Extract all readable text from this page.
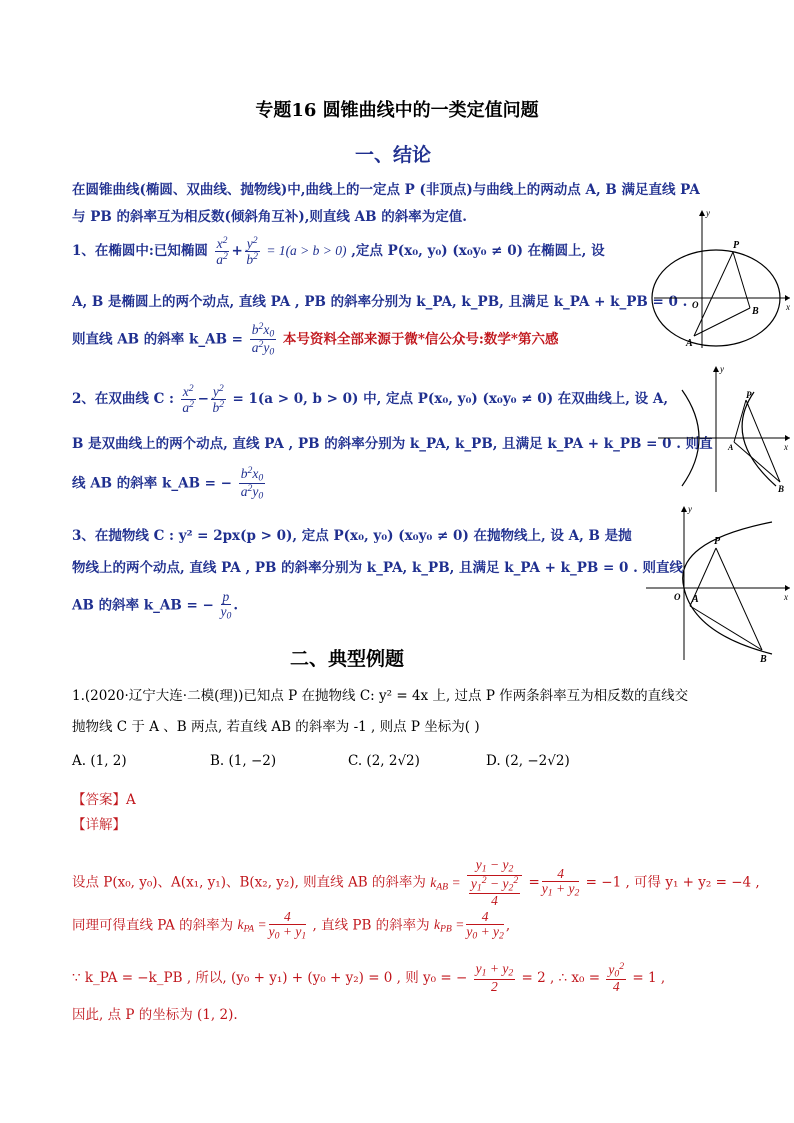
专题16 圆锥曲线中的一类定值问题
一、结论
在圆锥曲线(椭圆、双曲线、抛物线)中,曲线上的一定点 P (非顶点)与曲线上的两动点 A, B 满足直线 PA
与 PB 的斜率互为相反数(倾斜角互补),则直线 AB 的斜率为定值.
1、在椭圆中:已知椭圆 $\frac{x^2}{a^2} + \frac{y^2}{b^2} = 1(a > b > 0)$ ,定点 P(x₀, y₀) (x₀y₀ ≠ 0) 在椭圆上, 设
A, B 是椭圆上的两个动点, 直线 PA , PB 的斜率分别为 k_PA, k_PB, 且满足 k_PA + k_PB = 0 .
则直线 AB 的斜率 k_AB = $\frac{b^2x_0}{a^2y_0}$ 本号资料全部来源于微*信公众号:数学*第六感
P
A
B
O	x
y
2、在双曲线 C : $\frac{x^2}{a^2} - \frac{y^2}{b^2} = 1(a > 0$, b > 0) 中, 定点 P(x₀, y₀) (x₀y₀ ≠ 0) 在双曲线上, 设 A,
B 是双曲线上的两个动点, 直线 PA , PB 的斜率分别为 k_PA, k_PB, 且满足 k_PA + k_PB = 0 . 则直
线 AB 的斜率 k_AB = − $\frac{b^2x_0}{a^2y_0}$
P
A
B
x
y
3、在抛物线 C : y² = 2px(p > 0), 定点 P(x₀, y₀) (x₀y₀ ≠ 0) 在抛物线上, 设 A, B 是抛
物线上的两个动点, 直线 PA , PB 的斜率分别为 k_PA, k_PB, 且满足 k_PA + k_PB = 0 . 则直线
AB 的斜率 k_AB = − $\frac{p}{y_0}$ .
P
A
B
O	x
y
二、典型例题
1.(2020·辽宁大连·二模(理))已知点 P 在抛物线 C: y² = 4x 上, 过点 P 作两条斜率互为相反数的直线交
抛物线 C 于 A 、B 两点, 若直线 AB 的斜率为 -1 , 则点 P 坐标为( )
A. (1, 2)	B. (1, −2)	C. (2, 2√2)	D. (2, −2√2)
【答案】A
【详解】
设点 P(x₀, y₀)、A(x₁, y₁)、B(x₂, y₂), 则直线 AB 的斜率为 $k_{AB} = y_1 - y_2$
$y_1^2 - y_2^2$
$4 = \frac{4}{y_1 + y_2} = -1$ , 可得 y₁ + y₂ = −4 ,
同理可得直线 PA 的斜率为 $k_{PA} = \frac{4}{y_0 + y_1}$ , 直线 PB 的斜率为 $k_{PB} = \frac{4}{y_0 + y_2}$ ,
∵ k_PA = −k_PB , 所以, (y₀ + y₁) + (y₀ + y₂) = 0 , 则 y₀ = − $\frac{y_1 + y_2}{2} = 2$ , ∴ $x_0 = \frac{y_0^2}{4} = 1$ ,
因此, 点 P 的坐标为 (1, 2).
